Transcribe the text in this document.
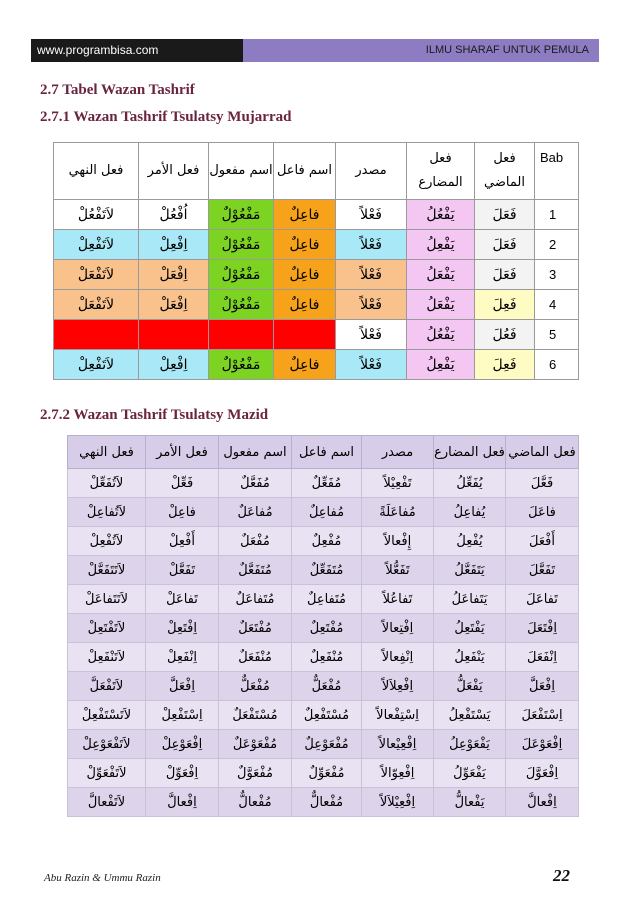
www.programbisa.com	ILMU SHARAF UNTUK PEMULA
2.7 Tabel Wazan Tashrif
2.7.1 Wazan Tashrif Tsulatsy Mujarrad
فعل النهي	فعل الأمر	اسم مفعول	اسم فاعل	مصدر	فعل المضارع	فعل الماضي	Bab
لاَتَفْعُلْ	اُفْعُلْ	مَفْعُوْلٌ	فاعِلٌ	فَعْلاً	يَفْعُلُ	فَعَلَ	1
لاَتَفْعِلْ	اِفْعِلْ	مَفْعُوْلٌ	فاعِلٌ	فَعْلاً	يَفْعِلُ	فَعَلَ	2
لاَتَفْعَلْ	اِفْعَلْ	مَفْعُوْلٌ	فاعِلٌ	فَعْلاً	يَفْعَلُ	فَعَلَ	3
لاَتَفْعَلْ	اِفْعَلْ	مَفْعُوْلٌ	فاعِلٌ	فَعْلاً	يَفْعَلُ	فَعِلَ	4
				فَعْلاً	يَفْعُلُ	فَعُلَ	5
لاَتَفْعِلْ	اِفْعِلْ	مَفْعُوْلٌ	فاعِلٌ	فَعْلاً	يَفْعِلُ	فَعِلَ	6
2.7.2 Wazan Tashrif Tsulatsy Mazid
فعل النهي	فعل الأمر	اسم مفعول	اسم فاعل	مصدر	فعل المضارع	فعل الماضي
لاَتُفَعِّلْ	فَعِّلْ	مُفَعَّلٌ	مُفَعِّلٌ	تَفْعِيْلاً	يُفَعِّلُ	فَعَّلَ
لاَتُفاعِلْ	فاعِلْ	مُفاعَلٌ	مُفاعِلٌ	مُفاعَلَةً	يُفاعِلُ	فاعَلَ
لاَتُفْعِلْ	أَفْعِلْ	مُفْعَلٌ	مُفْعِلٌ	إِفْعالاً	يُفْعِلُ	أَفْعَلَ
لاَتَتَفَعَّلْ	تَفَعَّلْ	مُتَفَعَّلٌ	مُتَفَعِّلٌ	تَفَعُّلاً	يَتَفَعَّلُ	تَفَعَّلَ
لاَتَتَفاعَلْ	تَفاعَلْ	مُتَفاعَلٌ	مُتَفاعِلٌ	تَفاعُلاً	يَتَفاعَلُ	تَفاعَلَ
لاَتَفْتَعِلْ	اِفْتَعِلْ	مُفْتَعَلٌ	مُفْتَعِلٌ	اِفْتِعالاً	يَفْتَعِلُ	اِفْتَعَلَ
لاَتَنْفَعِلْ	اِنْفَعِلْ	مُنْفَعَلٌ	مُنْفَعِلٌ	اِنْفِعالاً	يَنْفَعِلُ	اِنْفَعَلَ
لاَتَفْعَلَّ	اِفْعَلَّ	مُفْعَلٌّ	مُفْعَلٌّ	اِفْعِلاَلاً	يَفْعَلُّ	اِفْعَلَّ
لاَتَسْتَفْعِلْ	اِسْتَفْعِلْ	مُسْتَفْعَلٌ	مُسْتَفْعِلٌ	اِسْتِفْعالاً	يَسْتَفْعِلُ	اِسْتَفْعَلَ
لاَتَفْعَوْعِلْ	اِفْعَوْعِلْ	مُفْعَوْعَلٌ	مُفْعَوْعِلٌ	اِفْعِيْعالاً	يَفْعَوْعِلُ	اِفْعَوْعَلَ
لاَتَفْعَوِّلْ	اِفْعَوِّلْ	مُفْعَوَّلٌ	مُفْعَوِّلٌ	اِفْعِوّالاً	يَفْعَوِّلُ	اِفْعَوَّلَ
لاَتَفْعالَّ	اِفْعالَّ	مُفْعالٌّ	مُفْعالٌّ	اِفْعِيْلاَلاً	يَفْعالُّ	اِفْعالَّ
Abu Razin & Ummu Razin	22
